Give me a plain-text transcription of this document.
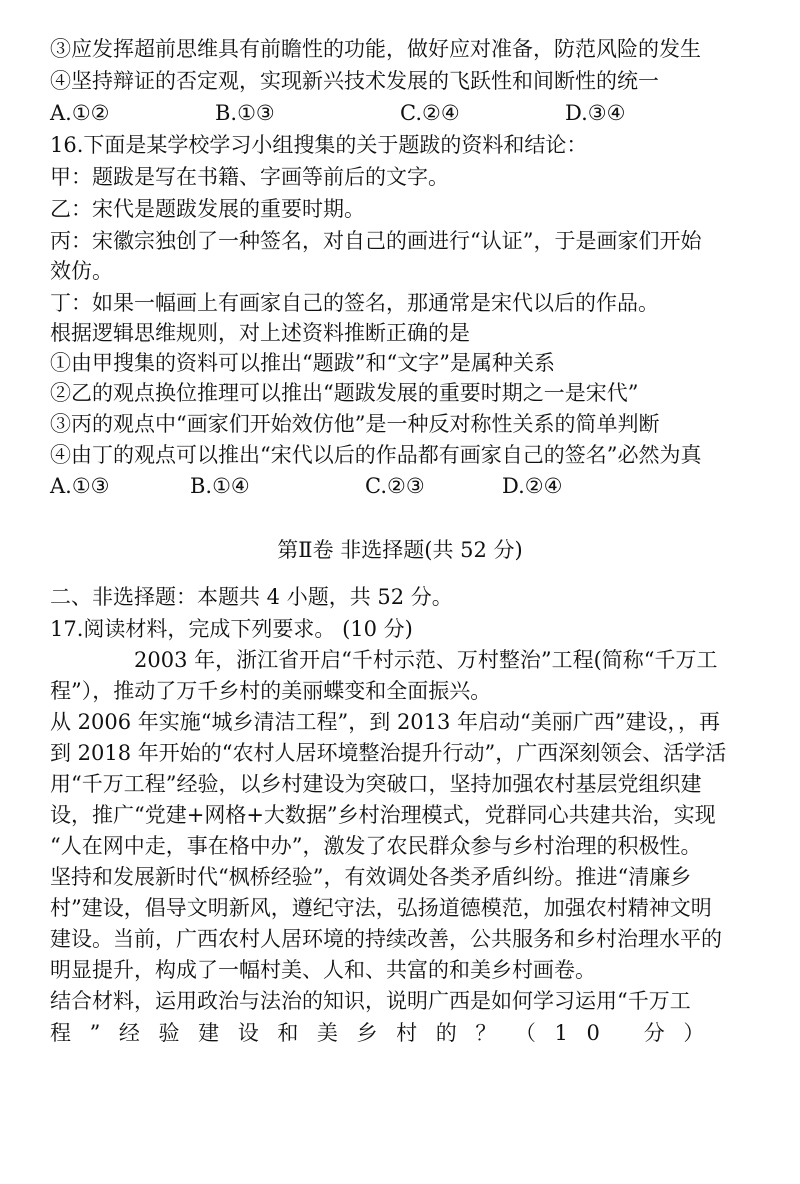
③应发挥超前思维具有前瞻性的功能，做好应对准备，防范风险的发生
④坚持辩证的否定观，实现新兴技术发展的飞跃性和间断性的统一
A.①②	B.①③	C.②④	D.③④
16.下面是某学校学习小组搜集的关于题跋的资料和结论：
甲：题跋是写在书籍、字画等前后的文字。
乙：宋代是题跋发展的重要时期。
丙：宋徽宗独创了一种签名，对自己的画进行“认证”，于是画家们开始
效仿。
丁：如果一幅画上有画家自己的签名，那通常是宋代以后的作品。
根据逻辑思维规则，对上述资料推断正确的是
①由甲搜集的资料可以推出“题跋”和“文字”是属种关系
②乙的观点换位推理可以推出“题跋发展的重要时期之一是宋代”
③丙的观点中“画家们开始效仿他”是一种反对称性关系的简单判断
④由丁的观点可以推出“宋代以后的作品都有画家自己的签名”必然为真
A.①③	B.①④	C.②③	D.②④
第Ⅱ卷 非选择题(共 52 分)
二、非选择题：本题共 4 小题，共 52 分。
17.阅读材料，完成下列要求。 (10 分)
2003 年，浙江省开启“千村示范、万村整治”工程(简称“千万工
程”），推动了万千乡村的美丽蝶变和全面振兴。
从 2006 年实施“城乡清洁工程”，到 2013 年启动“美丽广西”建设，，再
到 2018 年开始的“农村人居环境整治提升行动”，广西深刻领会、活学活
用“千万工程”经验，以乡村建设为突破口，坚持加强农村基层党组织建
设，推广“党建+网格+大数据”乡村治理模式，党群同心共建共治，实现
“人在网中走，事在格中办”，激发了农民群众参与乡村治理的积极性。
坚持和发展新时代“枫桥经验”，有效调处各类矛盾纠纷。推进“清廉乡
村”建设，倡导文明新风，遵纪守法，弘扬道德模范，加强农村精神文明
建设。当前，广西农村人居环境的持续改善，公共服务和乡村治理水平的
明显提升，构成了一幅村美、人和、共富的和美乡村画卷。
结合材料，运用政治与法治的知识，说明广西是如何学习运用“千万工
程”经验建设和美乡村的？（10 分）
